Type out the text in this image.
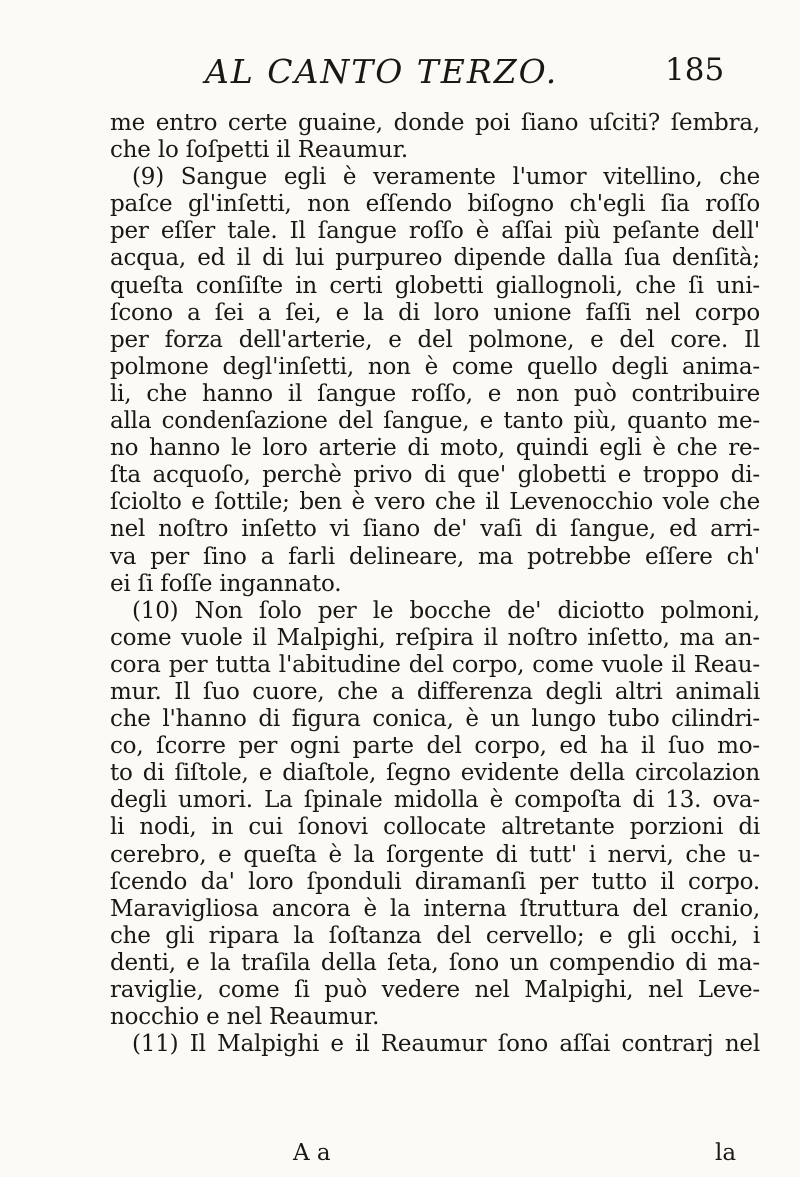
AL CANTO TERZO.	185
me entro certe guaine, donde poi ſiano uſciti? ſembra,
che lo ſoſpetti il Reaumur.
(9) Sangue egli è veramente l'umor vitellino, che
paſce gl'inſetti, non eſſendo biſogno ch'egli ſia roſſo
per eſſer tale. Il ſangue roſſo è aſſai più peſante dell'
acqua, ed il di lui purpureo dipende dalla ſua denſità;
queſta conſiſte in certi globetti giallognoli, che ſi uni-
ſcono a ſei a ſei, e la di loro unione faſſi nel corpo
per forza dell'arterie, e del polmone, e del core. Il
polmone degl'inſetti, non è come quello degli anima-
li, che hanno il ſangue roſſo, e non può contribuire
alla condenſazione del ſangue, e tanto più, quanto me-
no hanno le loro arterie di moto, quindi egli è che re-
ſta acquoſo, perchè privo di que' globetti e troppo di-
ſciolto e ſottile; ben è vero che il Levenocchio vole che
nel noſtro inſetto vi ſiano de' vaſi di ſangue, ed arri-
va per ſino a farli delineare, ma potrebbe eſſere ch'
ei ſi foſſe ingannato.
(10) Non ſolo per le bocche de' diciotto polmoni,
come vuole il Malpighi, reſpira il noſtro inſetto, ma an-
cora per tutta l'abitudine del corpo, come vuole il Reau-
mur. Il ſuo cuore, che a differenza degli altri animali
che l'hanno di figura conica, è un lungo tubo cilindri-
co, ſcorre per ogni parte del corpo, ed ha il ſuo mo-
to di ſiſtole, e diaſtole, ſegno evidente della circolazion
degli umori. La ſpinale midolla è compoſta di 13. ova-
li nodi, in cui ſonovi collocate altretante porzioni di
cerebro, e queſta è la ſorgente di tutt' i nervi, che u-
ſcendo da' loro ſponduli diramanſi per tutto il corpo.
Maravigliosa ancora è la interna ſtruttura del cranio,
che gli ripara la ſoſtanza del cervello; e gli occhi, i
denti, e la traſila della ſeta, ſono un compendio di ma-
raviglie, come ſi può vedere nel Malpighi, nel Leve-
nocchio e nel Reaumur.
(11) Il Malpighi e il Reaumur ſono aſſai contrarj nel
A a	la
